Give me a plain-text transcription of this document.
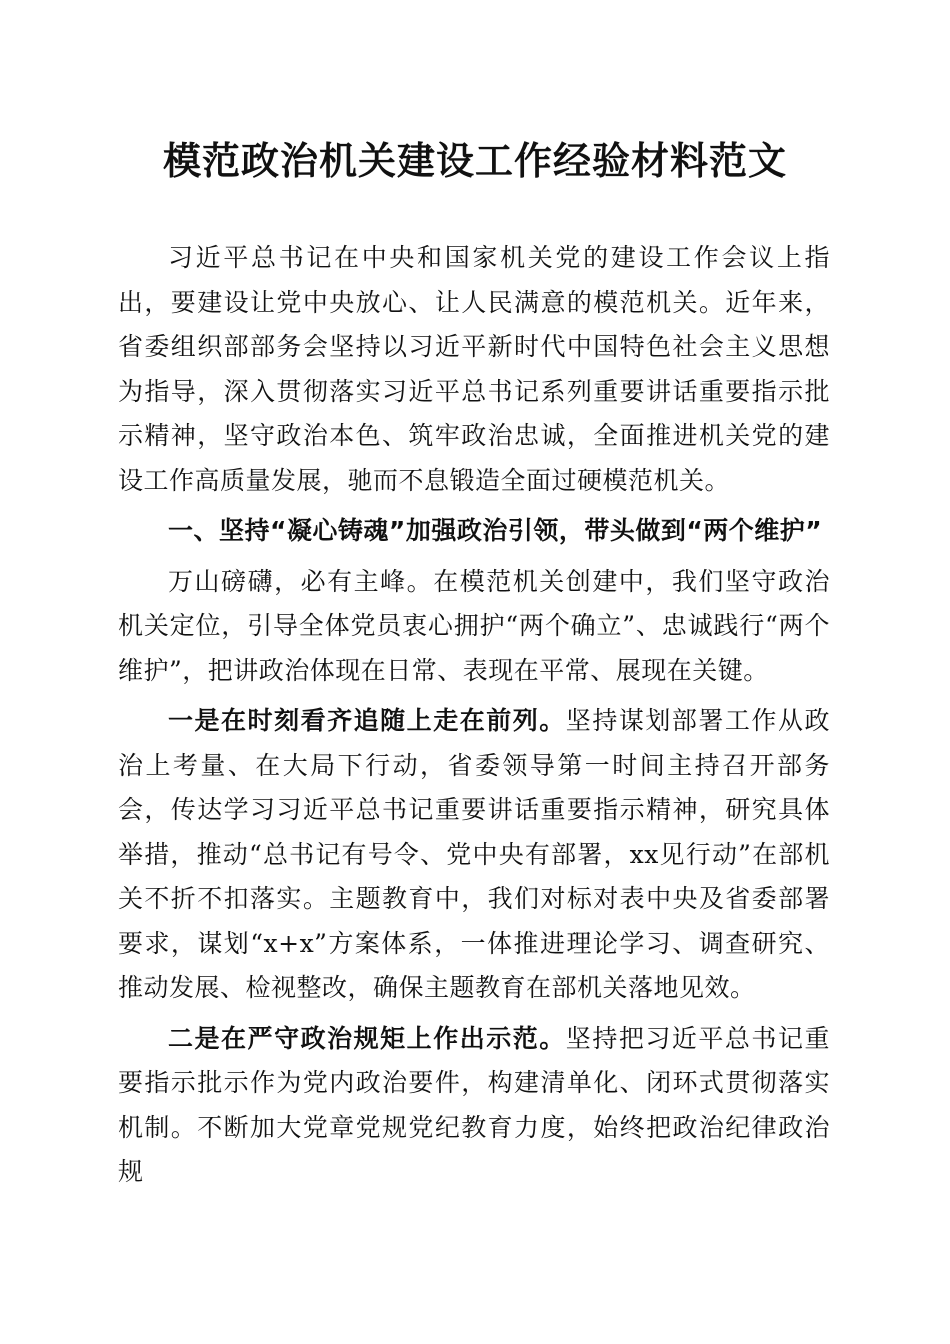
模范政治机关建设工作经验材料范文

习近平总书记在中央和国家机关党的建设工作会议上指出，要建设让党中央放心、让人民满意的模范机关。近年来，省委组织部部务会坚持以习近平新时代中国特色社会主义思想为指导，深入贯彻落实习近平总书记系列重要讲话重要指示批示精神，坚守政治本色、筑牢政治忠诚，全面推进机关党的建设工作高质量发展，驰而不息锻造全面过硬模范机关。

一、坚持“凝心铸魂”加强政治引领，带头做到“两个维护”

万山磅礴，必有主峰。在模范机关创建中，我们坚守政治机关定位，引导全体党员衷心拥护“两个确立”、忠诚践行“两个维护”，把讲政治体现在日常、表现在平常、展现在关键。

一是在时刻看齐追随上走在前列。坚持谋划部署工作从政治上考量、在大局下行动，省委领导第一时间主持召开部务会，传达学习习近平总书记重要讲话重要指示精神，研究具体举措，推动“总书记有号令、党中央有部署，xx见行动”在部机关不折不扣落实。主题教育中，我们对标对表中央及省委部署要求，谋划“x+x”方案体系，一体推进理论学习、调查研究、推动发展、检视整改，确保主题教育在部机关落地见效。

二是在严守政治规矩上作出示范。坚持把习近平总书记重要指示批示作为党内政治要件，构建清单化、闭环式贯彻落实机制。不断加大党章党规党纪教育力度，始终把政治纪律政治规
